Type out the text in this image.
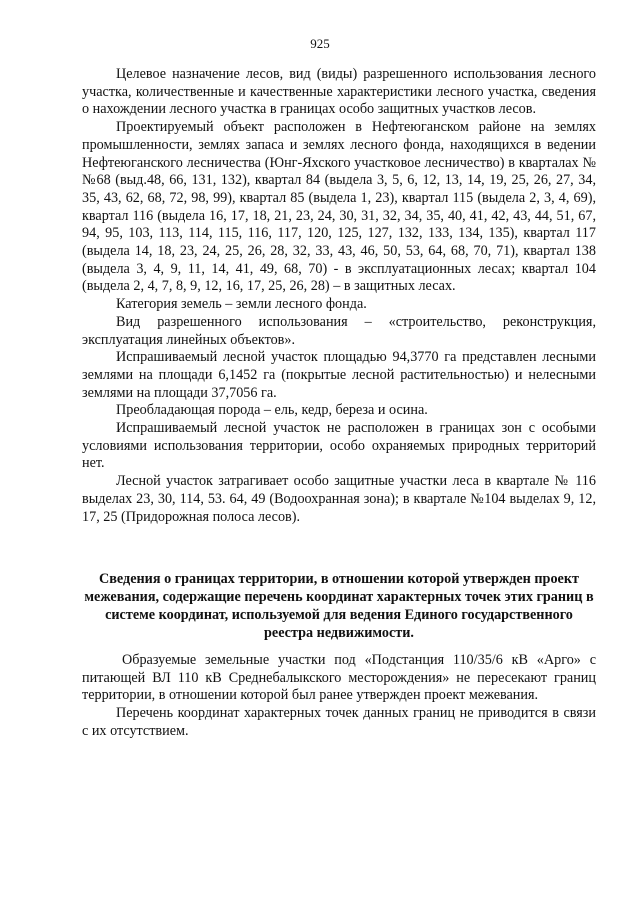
925

Целевое назначение лесов, вид (виды) разрешенного использования лесного участка, количественные и качественные характеристики лесного участка, сведения о нахождении лесного участка в границах особо защитных участков лесов.

Проектируемый объект расположен в Нефтеюганском районе на землях промышленности, землях запаса и землях лесного фонда, находящихся в ведении Нефтеюганского лесничества (Юнг-Яхского участковое лесничество) в кварталах №№68 (выд.48, 66, 131, 132), квартал 84 (выдела 3, 5, 6, 12, 13, 14, 19, 25, 26, 27, 34, 35, 43, 62, 68, 72, 98, 99), квартал 85 (выдела 1, 23), квартал 115 (выдела 2, 3, 4, 69), квартал 116 (выдела 16, 17, 18, 21, 23, 24, 30, 31, 32, 34, 35, 40, 41, 42, 43, 44, 51, 67, 94, 95, 103, 113, 114, 115, 116, 117, 120, 125, 127, 132, 133, 134, 135), квартал 117 (выдела 14, 18, 23, 24, 25, 26, 28, 32, 33, 43, 46, 50, 53, 64, 68, 70, 71), квартал 138 (выдела 3, 4, 9, 11, 14, 41, 49, 68, 70) - в эксплуатационных лесах; квартал 104 (выдела 2, 4, 7, 8, 9, 12, 16, 17, 25, 26, 28) – в защитных лесах.

Категория земель – земли лесного фонда.

Вид разрешенного использования – «строительство, реконструкция, эксплуатация линейных объектов».

Испрашиваемый лесной участок площадью 94,3770 га представлен лесными землями на площади 6,1452 га (покрытые лесной растительностью) и нелесными землями на площади 37,7056 га.

Преобладающая порода – ель, кедр, береза и осина.

Испрашиваемый лесной участок не расположен в границах зон с особыми условиями использования территории, особо охраняемых природных территорий нет.

Лесной участок затрагивает особо защитные участки леса в квартале № 116 выделах 23, 30, 114, 53. 64, 49 (Водоохранная зона); в квартале №104 выделах 9, 12, 17, 25 (Придорожная полоса лесов).

Сведения о границах территории, в отношении которой утвержден проект межевания, содержащие перечень координат характерных точек этих границ в системе координат, используемой для ведения Единого государственного реестра недвижимости.

Образуемые земельные участки под «Подстанция 110/35/6 кВ «Арго» с питающей ВЛ 110 кВ Среднебалыкского месторождения» не пересекают границ территории, в отношении которой был ранее утвержден проект межевания.

Перечень координат характерных точек данных границ не приводится в связи с их отсутствием.
